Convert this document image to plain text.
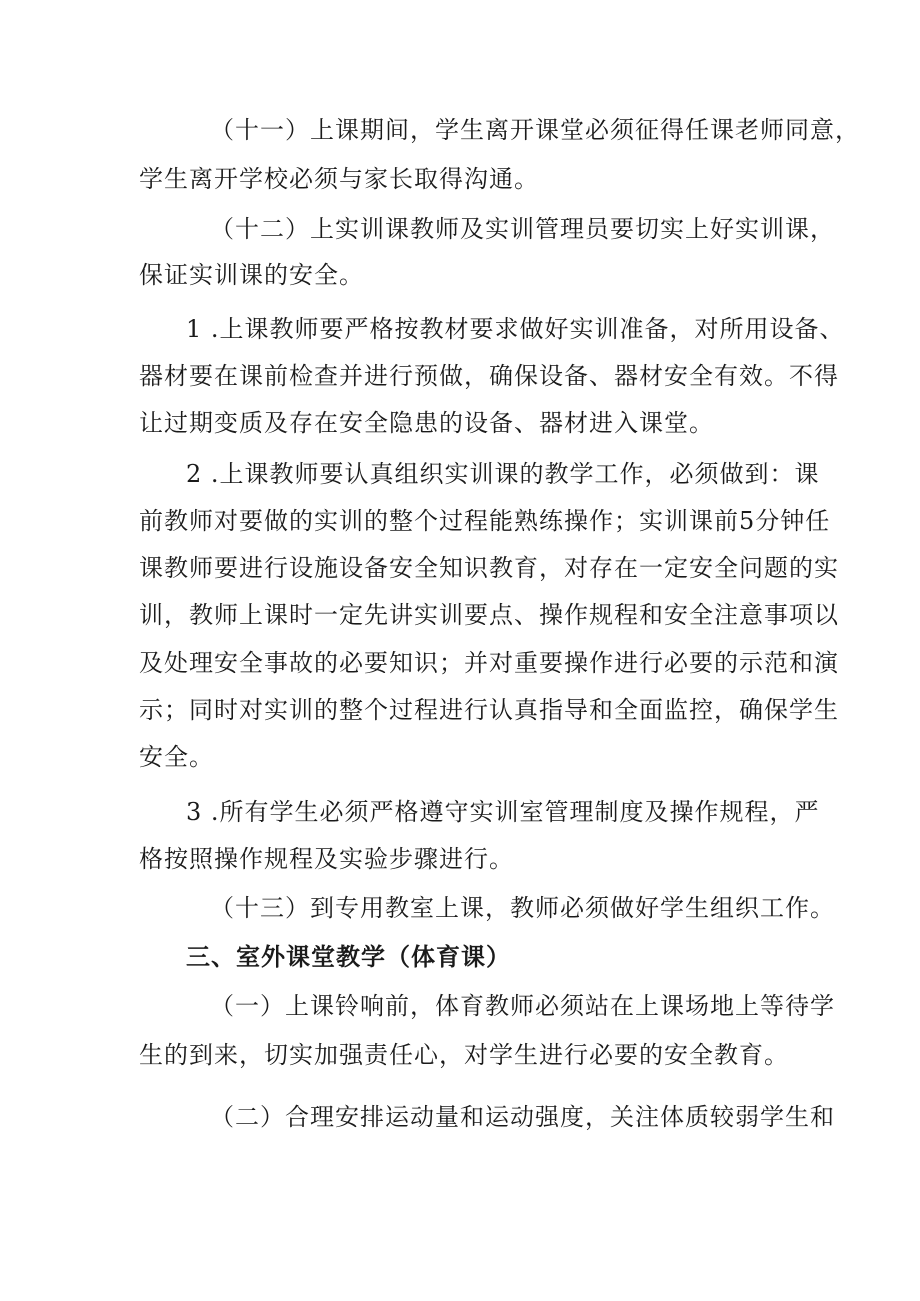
（十一）上课期间，学生离开课堂必须征得任课老师同意，
学生离开学校必须与家长取得沟通。
（十二）上实训课教师及实训管理员要切实上好实训课，
保证实训课的安全。
1 .上课教师要严格按教材要求做好实训准备，对所用设备、
器材要在课前检查并进行预做，确保设备、器材安全有效。不得
让过期变质及存在安全隐患的设备、器材进入课堂。
2 .上课教师要认真组织实训课的教学工作，必须做到：课
前教师对要做的实训的整个过程能熟练操作；实训课前5分钟任
课教师要进行设施设备安全知识教育，对存在一定安全问题的实
训，教师上课时一定先讲实训要点、操作规程和安全注意事项以
及处理安全事故的必要知识；并对重要操作进行必要的示范和演
示；同时对实训的整个过程进行认真指导和全面监控，确保学生
安全。
3 .所有学生必须严格遵守实训室管理制度及操作规程，严
格按照操作规程及实验步骤进行。
（十三）到专用教室上课，教师必须做好学生组织工作。
三、室外课堂教学（体育课）
（一）上课铃响前，体育教师必须站在上课场地上等待学
生的到来，切实加强责任心，对学生进行必要的安全教育。
（二）合理安排运动量和运动强度，关注体质较弱学生和
